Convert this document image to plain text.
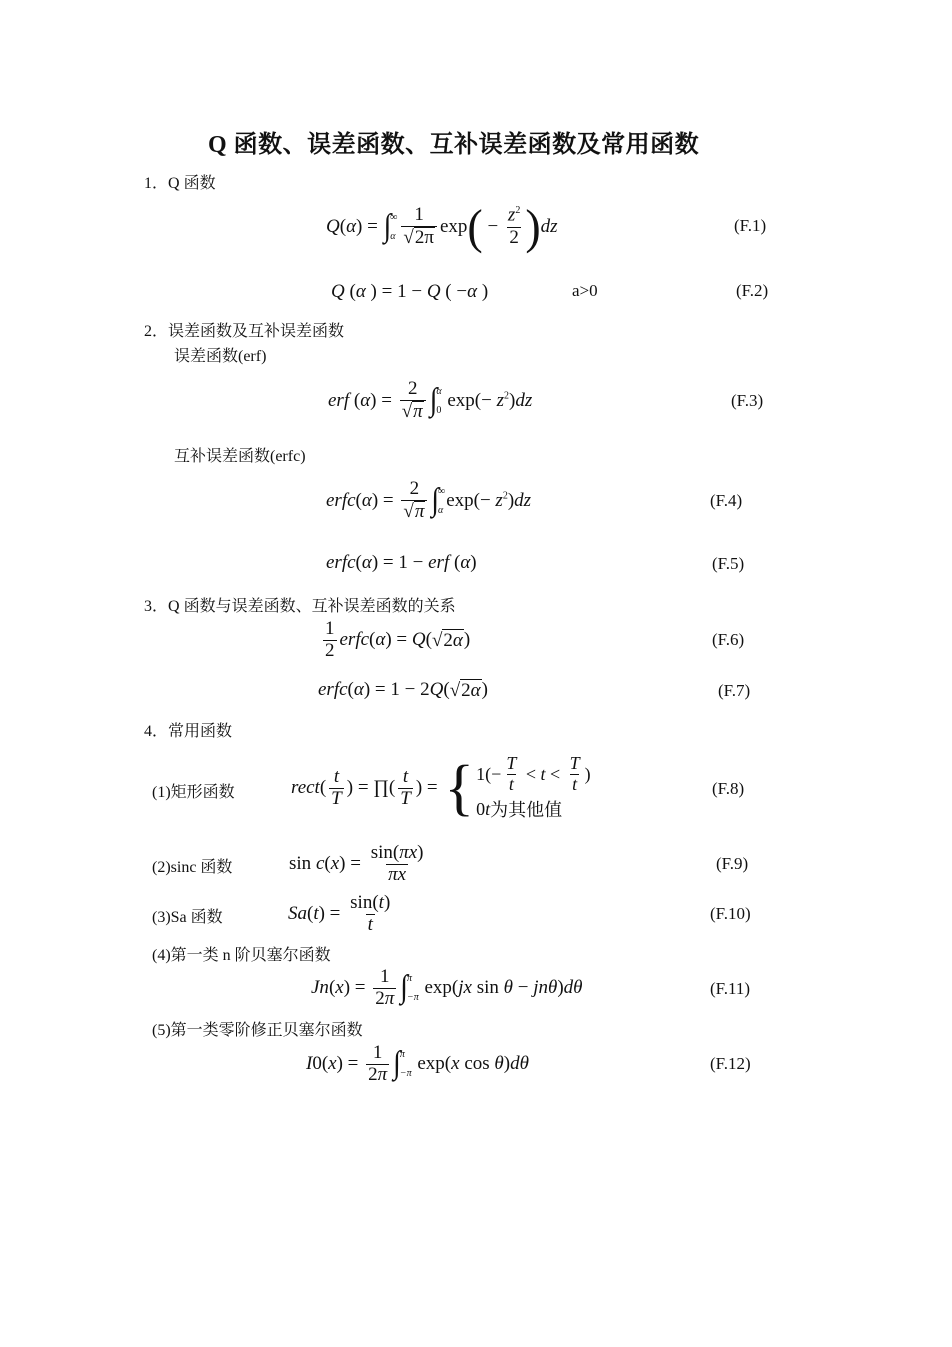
Q 函数、误差函数、互补误差函数及常用函数
1．Q 函数
Q ( α ) = ∫ ∞
α $\frac{1}{√ 2\pi}$ exp ( − $\frac{z^2}{2}$ ) dz	(F.1)
Q ( α ) = 1 − Q ( − α )	a>0	(F.2)
2．误差函数及互补误差函数
误差函数(erf)
erf ( α ) = $\frac{2}{√ \pi}$ ∫ α
0 $\exp(- z^2$ ) dz	(F.3)
互补误差函数(erfc)
erfc ( α ) = $\frac{2}{√ \pi}$ ∫ ∞
α $\exp(- z^2$ ) dz	(F.4)
erfc ( α ) = 1 − erf ( α )	(F.5)
3．Q 函数与误差函数、互补误差函数的关系
$\frac{1}{2}$ erfc ( α ) = Q ( √ 2α )	(F.6)
erfc ( α ) = 1 − 2 Q ( √ 2α )	(F.7)
4．常用函数
(1)矩形函数	rect ( $\frac{t}{T}$ ) = ∏( $\frac{t}{T}$ ) = { $1(- \frac{T}{t} < t < \frac{T}{t}$ )
0 t 为其他值
(F.8)
(2)sinc 函数	sin c ( x ) = $\frac{\sin(\pi x)}{\pi x}$	(F.9)
(3)Sa 函数	Sa ( t ) = $\frac{\sin(t)}{t}$	(F.10)
(4)第一类 n 阶贝塞尔函数
Jn ( x ) = $\frac{1}{2\pi}$ ∫ π
−π exp( jx sin θ − jnθ ) dθ	(F.11)
(5)第一类零阶修正贝塞尔函数
I 0( x ) = $\frac{1}{2\pi}$ ∫ π
−π exp( x cos θ ) dθ	(F.12)
